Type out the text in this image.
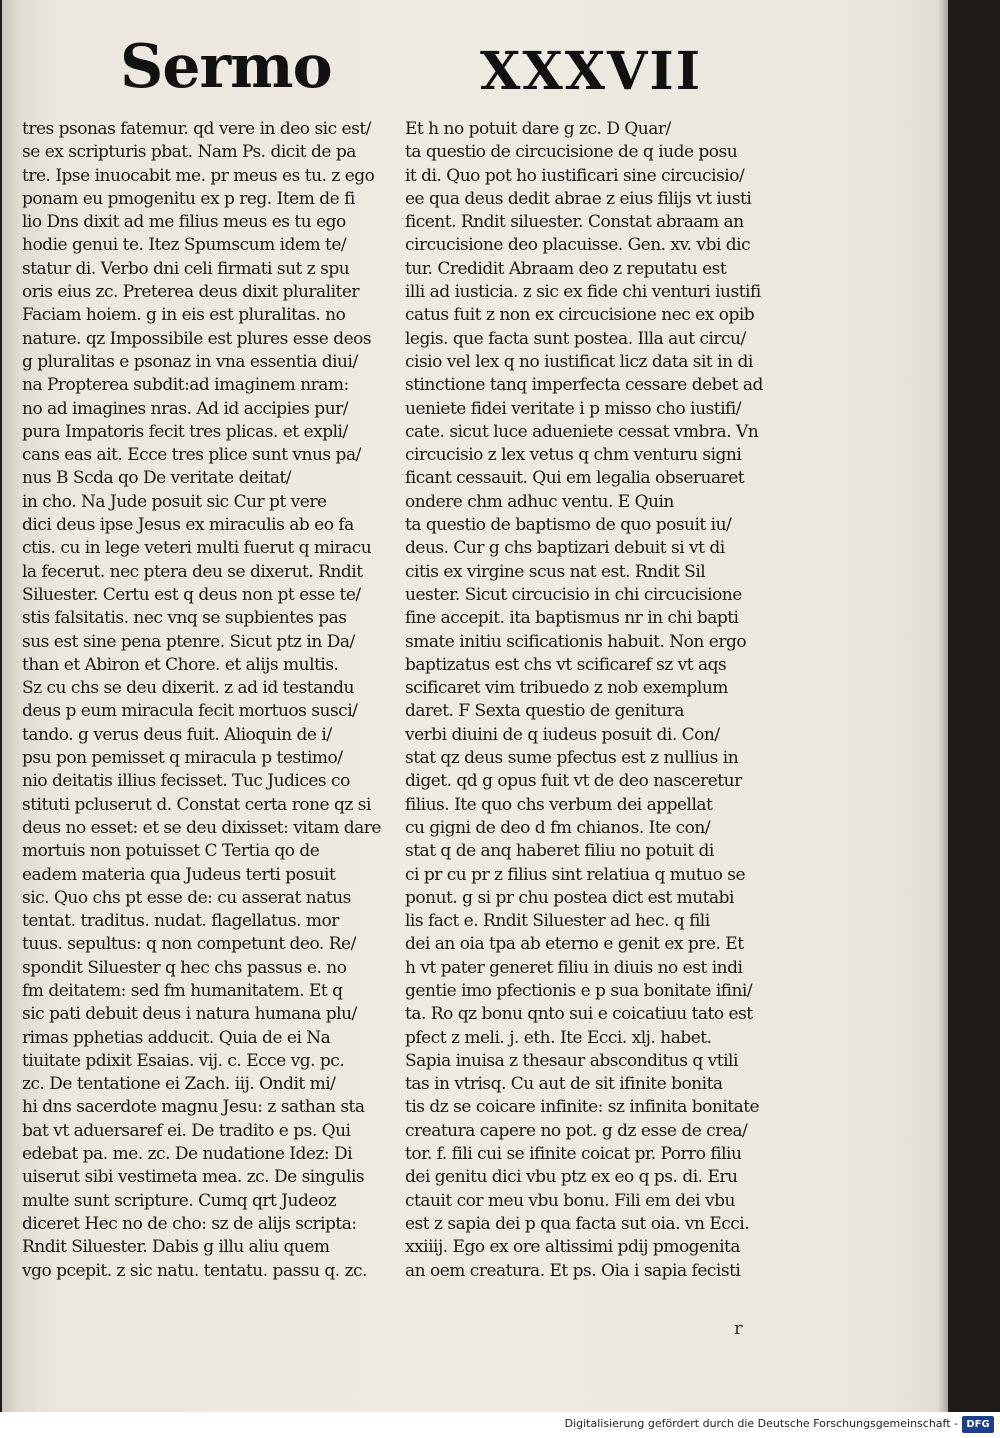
Sermo	XXXVII
tres psonas fatemur. qd vere in deo sic est/
se ex scripturis pbat. Nam Ps. dicit de pa
tre. Ipse inuocabit me. pr meus es tu. z ego
ponam eu pmogenitu ex p reg. Item de fi
lio Dns dixit ad me filius meus es tu ego
hodie genui te. Itez Spumscum idem te/
statur di. Verbo dni celi firmati sut z spu
oris eius zc. Preterea deus dixit pluraliter
Faciam hoiem. g in eis est pluralitas. no
nature. qz Impossibile est plures esse deos
g pluralitas e psonaz in vna essentia diui/
na Propterea subdit:ad imaginem nram:
no ad imagines nras. Ad id accipies pur/
pura Impatoris fecit tres plicas. et expli/
cans eas ait. Ecce tres plice sunt vnus pa/
nus B Scda qo De veritate deitat/
in cho. Na Jude posuit sic Cur pt vere
dici deus ipse Jesus ex miraculis ab eo fa
ctis. cu in lege veteri multi fuerut q miracu
la fecerut. nec ptera deu se dixerut. Rndit
Siluester. Certu est q deus non pt esse te/
stis falsitatis. nec vnq se supbientes pas
sus est sine pena ptenre. Sicut ptz in Da/
than et Abiron et Chore. et alijs multis.
Sz cu chs se deu dixerit. z ad id testandu
deus p eum miracula fecit mortuos susci/
tando. g verus deus fuit. Alioquin de i/
psu pon pemisset q miracula p testimo/
nio deitatis illius fecisset. Tuc Judices co
stituti pcluserut d. Constat certa rone qz si
deus no esset: et se deu dixisset: vitam dare
mortuis non potuisset C Tertia qo de
eadem materia qua Judeus terti posuit
sic. Quo chs pt esse de: cu asserat natus
tentat. traditus. nudat. flagellatus. mor
tuus. sepultus: q non competunt deo. Re/
spondit Siluester q hec chs passus e. no
fm deitatem: sed fm humanitatem. Et q
sic pati debuit deus i natura humana plu/
rimas pphetias adducit. Quia de ei Na
tiuitate pdixit Esaias. vij. c. Ecce vg. pc.
zc. De tentatione ei Zach. iij. Ondit mi/
hi dns sacerdote magnu Jesu: z sathan sta
bat vt aduersaref ei. De tradito e ps. Qui
edebat pa. me. zc. De nudatione Idez: Di
uiserut sibi vestimeta mea. zc. De singulis
multe sunt scripture. Cumq qrt Judeoz
diceret Hec no de cho: sz de alijs scripta:
Rndit Siluester. Dabis g illu aliu quem
vgo pcepit. z sic natu. tentatu. passu q. zc.
Et h no potuit dare g zc. D Quar/
ta questio de circucisione de q iude posu
it di. Quo pot ho iustificari sine circucisio/
ee qua deus dedit abrae z eius filijs vt iusti
ficent. Rndit siluester. Constat abraam an
circucisione deo placuisse. Gen. xv. vbi dic
tur. Credidit Abraam deo z reputatu est
illi ad iusticia. z sic ex fide chi venturi iustifi
catus fuit z non ex circucisione nec ex opib
legis. que facta sunt postea. Illa aut circu/
cisio vel lex q no iustificat licz data sit in di
stinctione tanq imperfecta cessare debet ad
ueniete fidei veritate i p misso cho iustifi/
cate. sicut luce adueniete cessat vmbra. Vn
circucisio z lex vetus q chm venturu signi
ficant cessauit. Qui em legalia obseruaret
ondere chm adhuc ventu. E Quin
ta questio de baptismo de quo posuit iu/
deus. Cur g chs baptizari debuit si vt di
citis ex virgine scus nat est. Rndit Sil
uester. Sicut circucisio in chi circucisione
fine accepit. ita baptismus nr in chi bapti
smate initiu scificationis habuit. Non ergo
baptizatus est chs vt scificaref sz vt aqs
scificaret vim tribuedo z nob exemplum
daret. F Sexta questio de genitura
verbi diuini de q iudeus posuit di. Con/
stat qz deus sume pfectus est z nullius in
diget. qd g opus fuit vt de deo nasceretur
filius. Ite quo chs verbum dei appellat
cu gigni de deo d fm chianos. Ite con/
stat q de anq haberet filiu no potuit di
ci pr cu pr z filius sint relatiua q mutuo se
ponut. g si pr chu postea dict est mutabi
lis fact e. Rndit Siluester ad hec. q fili
dei an oia tpa ab eterno e genit ex pre. Et
h vt pater generet filiu in diuis no est indi
gentie imo pfectionis e p sua bonitate ifini/
ta. Ro qz bonu qnto sui e coicatiuu tato est
pfect z meli. j. eth. Ite Ecci. xlj. habet.
Sapia inuisa z thesaur absconditus q vtili
tas in vtrisq. Cu aut de sit ifinite bonita
tis dz se coicare infinite: sz infinita bonitate
creatura capere no pot. g dz esse de crea/
tor. f. fili cui se ifinite coicat pr. Porro filiu
dei genitu dici vbu ptz ex eo q ps. di. Eru
ctauit cor meu vbu bonu. Fili em dei vbu
est z sapia dei p qua facta sut oia. vn Ecci.
xxiiij. Ego ex ore altissimi pdij pmogenita
an oem creatura. Et ps. Oia i sapia fecisti
r
Digitalisierung gefördert durch die Deutsche Forschungsgemeinschaft - DFG
